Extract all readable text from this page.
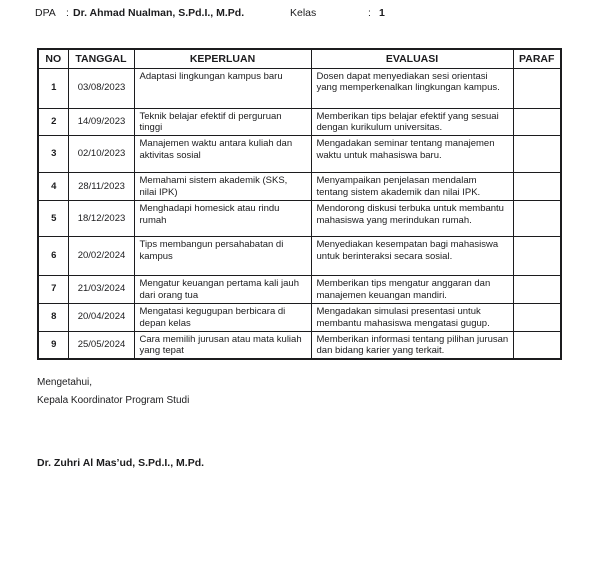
DPA : Dr. Ahmad Nualman, S.Pd.I., M.Pd.	Kelas	: 1
NO	TANGGAL	KEPERLUAN	EVALUASI	PARAF
1	03/08/2023	Adaptasi lingkungan kampus baru	Dosen dapat menyediakan sesi orientasi yang memperkenalkan lingkungan kampus.	
2	14/09/2023	Teknik belajar efektif di perguruan tinggi	Memberikan tips belajar efektif yang sesuai dengan kurikulum universitas.	
3	02/10/2023	Manajemen waktu antara kuliah dan aktivitas sosial	Mengadakan seminar tentang manajemen waktu untuk mahasiswa baru.	
4	28/11/2023	Memahami sistem akademik (SKS, nilai IPK)	Menyampaikan penjelasan mendalam tentang sistem akademik dan nilai IPK.	
5	18/12/2023	Menghadapi homesick atau rindu rumah	Mendorong diskusi terbuka untuk membantu mahasiswa yang merindukan rumah.	
6	20/02/2024	Tips membangun persahabatan di kampus	Menyediakan kesempatan bagi mahasiswa untuk berinteraksi secara sosial.	
7	21/03/2024	Mengatur keuangan pertama kali jauh dari orang tua	Memberikan tips mengatur anggaran dan manajemen keuangan mandiri.	
8	20/04/2024	Mengatasi kegugupan berbicara di depan kelas	Mengadakan simulasi presentasi untuk membantu mahasiswa mengatasi gugup.	
9	25/05/2024	Cara memilih jurusan atau mata kuliah yang tepat	Memberikan informasi tentang pilihan jurusan dan bidang karier yang terkait.	
Mengetahui,
Kepala Koordinator Program Studi
Dr. Zuhri Al Mas’ud, S.Pd.I., M.Pd.
